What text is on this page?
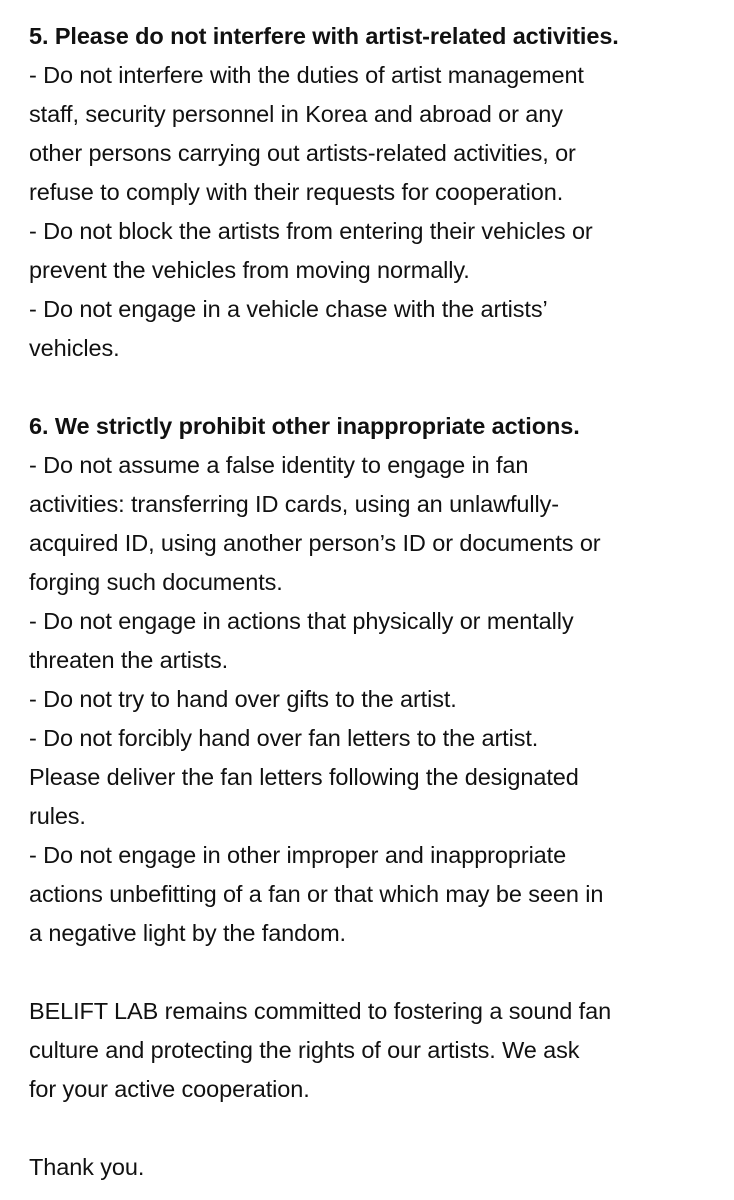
5. Please do not interfere with artist-related activities.
- Do not interfere with the duties of artist management
staff, security personnel in Korea and abroad or any
other persons carrying out artists-related activities, or
refuse to comply with their requests for cooperation.
- Do not block the artists from entering their vehicles or
prevent the vehicles from moving normally.
- Do not engage in a vehicle chase with the artists’
vehicles.
6. We strictly prohibit other inappropriate actions.
- Do not assume a false identity to engage in fan
activities: transferring ID cards, using an unlawfully-
acquired ID, using another person’s ID or documents or
forging such documents.
- Do not engage in actions that physically or mentally
threaten the artists.
- Do not try to hand over gifts to the artist.
- Do not forcibly hand over fan letters to the artist.
Please deliver the fan letters following the designated
rules.
- Do not engage in other improper and inappropriate
actions unbefitting of a fan or that which may be seen in
a negative light by the fandom.
BELIFT LAB remains committed to fostering a sound fan
culture and protecting the rights of our artists. We ask
for your active cooperation.
Thank you.
